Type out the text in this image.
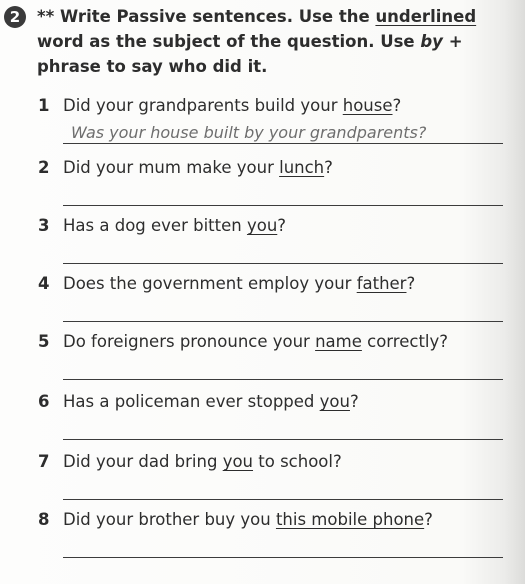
2	** Write Passive sentences. Use the underlined word as the subject of the question. Use by + phrase to say who did it.
1 Did your grandparents build your house?
Was your house built by your grandparents?
2 Did your mum make your lunch?
3 Has a dog ever bitten you?
4 Does the government employ your father?
5 Do foreigners pronounce your name correctly?
6 Has a policeman ever stopped you?
7 Did your dad bring you to school?
8 Did your brother buy you this mobile phone?
